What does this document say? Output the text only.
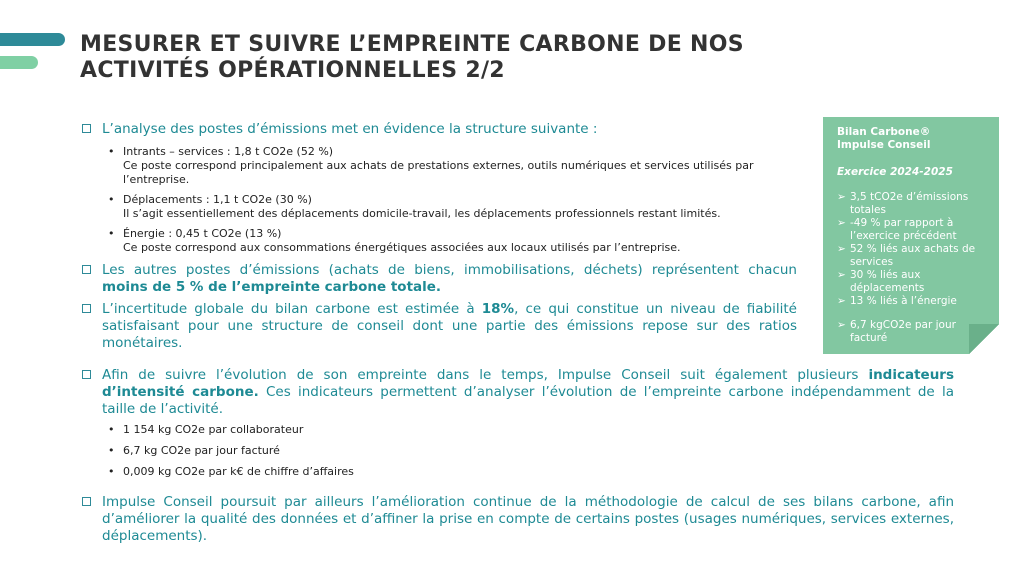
MESURER ET SUIVRE L’EMPREINTE CARBONE DE NOS
ACTIVITÉS OPÉRATIONNELLES 2/2
L’analyse des postes d’émissions met en évidence la structure suivante :
• Intrants – services : 1,8 t CO2e (52 %)
Ce poste correspond principalement aux achats de prestations externes, outils numériques et services utilisés par l’entreprise.
• Déplacements : 1,1 t CO2e (30 %)
Il s’agit essentiellement des déplacements domicile-travail, les déplacements professionnels restant limités.
• Énergie : 0,45 t CO2e (13 %)
Ce poste correspond aux consommations énergétiques associées aux locaux utilisés par l’entreprise.
Les autres postes d’émissions (achats de biens, immobilisations, déchets) représentent chacun moins de 5 % de l’empreinte carbone totale.
L’incertitude globale du bilan carbone est estimée à 18%, ce qui constitue un niveau de fiabilité satisfaisant pour une structure de conseil dont une partie des émissions repose sur des ratios monétaires.
Afin de suivre l’évolution de son empreinte dans le temps, Impulse Conseil suit également plusieurs indicateurs d’intensité carbone. Ces indicateurs permettent d’analyser l’évolution de l’empreinte carbone indépendamment de la taille de l’activité.
• 1 154 kg CO2e par collaborateur
• 6,7 kg CO2e par jour facturé
• 0,009 kg CO2e par k€ de chiffre d’affaires
Impulse Conseil poursuit par ailleurs l’amélioration continue de la méthodologie de calcul de ses bilans carbone, afin d’améliorer la qualité des données et d’affiner la prise en compte de certains postes (usages numériques, services externes, déplacements).
Bilan Carbone®
Impulse Conseil
Exercice 2024-2025
➢ 3,5 tCO2e d’émissions totales
➢ -49 % par rapport à l’exercice précédent
➢ 52 % liés aux achats de services
➢ 30 % liés aux déplacements
➢ 13 % liés à l’énergie
➢ 6,7 kgCO2e par jour facturé
